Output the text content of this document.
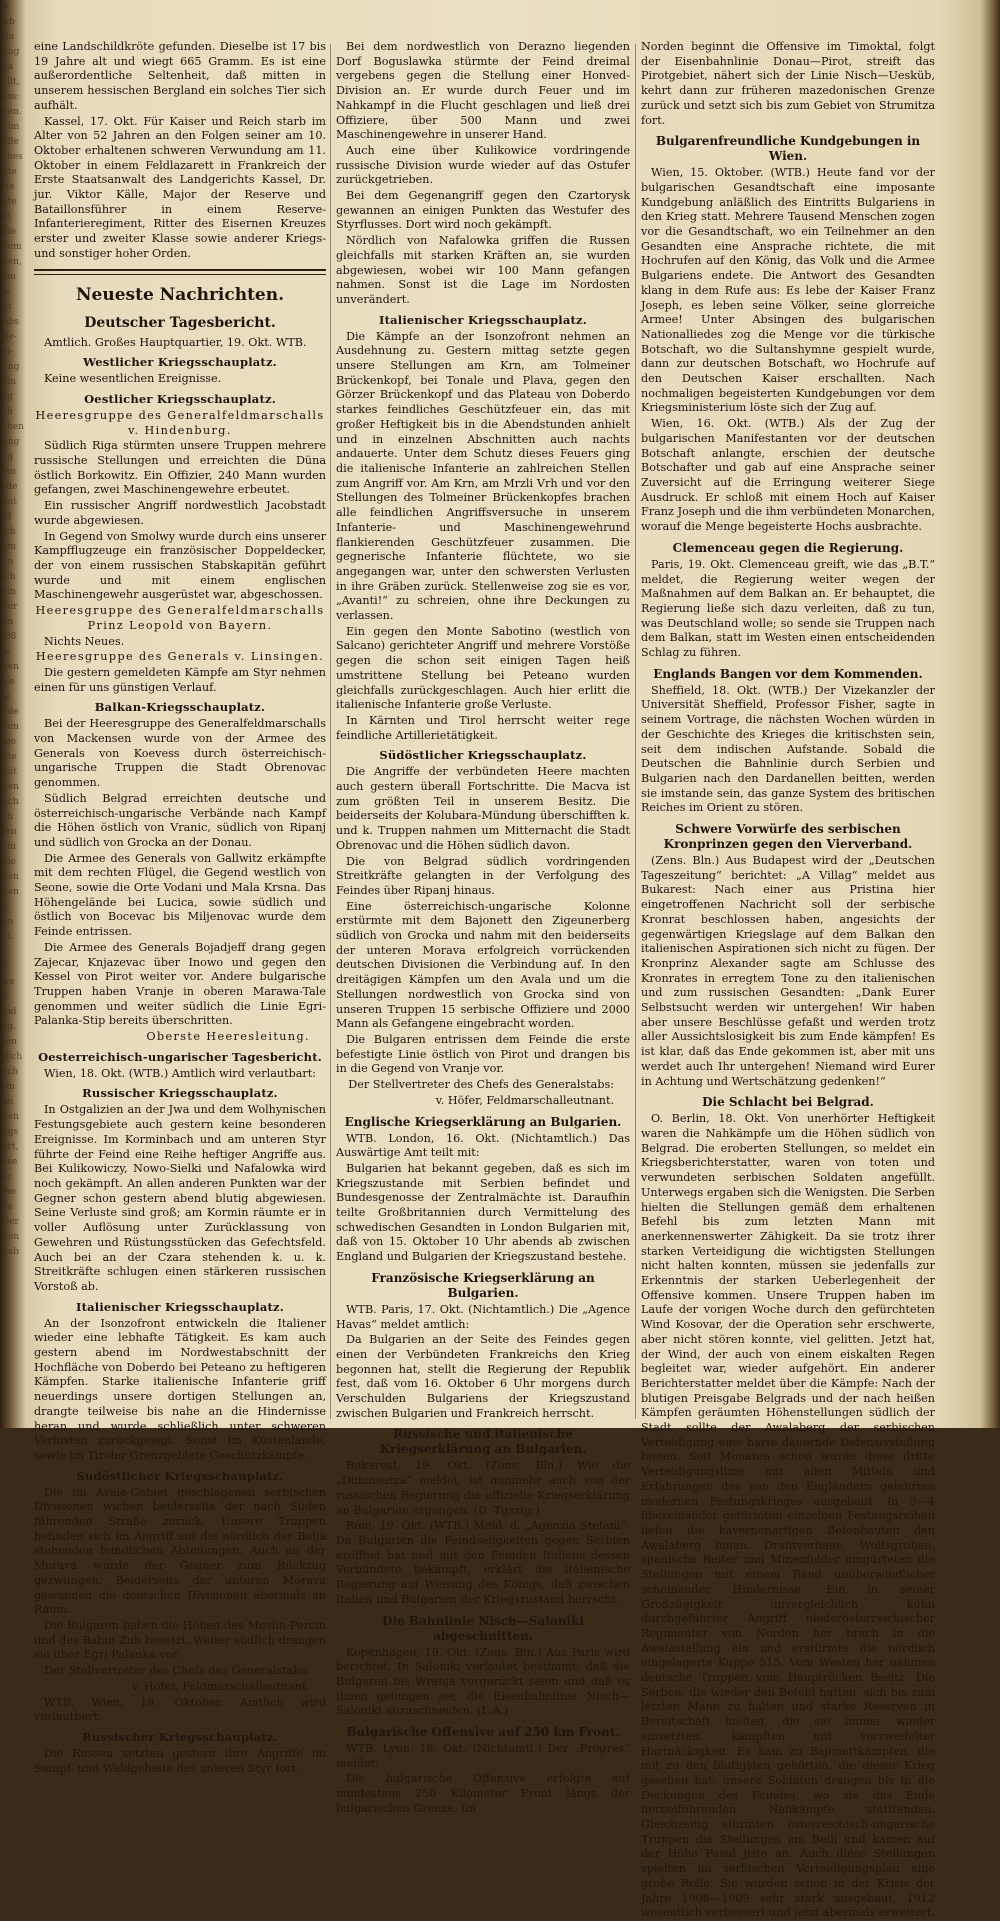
b.
irb
Bu
ung
3a
ellt,
ilm:
ben.
ulm
ülle
ches
8te
tte
nte
dt
die
dem
ben,
em
ie
ßt
Abs
Be-
ei-
ung
ein
eg
ch
chen
ung
eg
ien
rde
ont
uf
ich
km
en
ich
ein
der
on
i98
ie
ben
sie
ie
ilde
gen
ige
bte
mit
gen
uch
ch
ten
ein
bie
ben
ben
a,
an
3t.
1.
6.
ire
S
ind
vg.
ten
tlich
ach
rm
im
hen
ngs
ort,
ese
lic
ine
ge
Der
ßen
gab

eine Landschildkröte gefunden. Dieselbe ist 17 bis 19 Jahre alt und wiegt 665 Gramm. Es ist eine außerordentliche Seltenheit, daß mitten in unserem hessischen Bergland ein solches Tier sich aufhält.

Kassel, 17. Okt. Für Kaiser und Reich starb im Alter von 52 Jahren an den Folgen seiner am 10. Oktober erhaltenen schweren Verwundung am 11. Oktober in einem Feldlazarett in Frankreich der Erste Staatsanwalt des Landgerichts Kassel, Dr. jur. Viktor Källe, Major der Reserve und Bataillonsführer in einem Reserve-Infanterieregiment, Ritter des Eisernen Kreuzes erster und zweiter Klasse sowie anderer Kriegs- und sonstiger hoher Orden.

Neueste Nachrichten.
Deutscher Tagesbericht.

Amtlich. Großes Hauptquartier, 19. Okt. WTB.

Westlicher Kriegsschauplatz.

Keine wesentlichen Ereignisse.

Oestlicher Kriegsschauplatz.

Heeresgruppe des Generalfeldmarschalls v. Hindenburg.

Südlich Riga stürmten unsere Truppen mehrere russische Stellungen und erreichten die Düna östlich Borkowitz. Ein Offizier, 240 Mann wurden gefangen, zwei Maschinengewehre erbeutet.

Ein russischer Angriff nordwestlich Jacobstadt wurde abgewiesen.

In Gegend von Smolwy wurde durch eins unserer Kampfflugzeuge ein französischer Doppeldecker, der von einem russischen Stabskapitän geführt wurde und mit einem englischen Maschinengewehr ausgerüstet war, abgeschossen.

Heeresgruppe des Generalfeldmarschalls Prinz Leopold von Bayern.

Nichts Neues.

Heeresgruppe des Generals v. Linsingen.

Die gestern gemeldeten Kämpfe am Styr nehmen einen für uns günstigen Verlauf.

Balkan-Kriegsschauplatz.

Bei der Heeresgruppe des Generalfeldmarschalls von Mackensen wurde von der Armee des Generals von Koevess durch österreichisch-ungarische Truppen die Stadt Obrenovac genommen.

Südlich Belgrad erreichten deutsche und österreichisch-ungarische Verbände nach Kampf die Höhen östlich von Vranic, südlich von Ripanj und südlich von Grocka an der Donau.

Die Armee des Generals von Gallwitz erkämpfte mit dem rechten Flügel, die Gegend westlich von Seone, sowie die Orte Vodani und Mala Krsna. Das Höhengelände bei Lucica, sowie südlich und östlich von Bocevac bis Miljenovac wurde dem Feinde entrissen.

Die Armee des Generals Bojadjeff drang gegen Zajecar, Knjazevac über Inowo und gegen den Kessel von Pirot weiter vor. Andere bulgarische Truppen haben Vranje in oberen Marawa-Tale genommen und weiter südlich die Linie Egri-Palanka-Stip bereits überschritten.

Oberste Heeresleitung.

Oesterreichisch-ungarischer Tagesbericht.

Wien, 18. Okt. (WTB.) Amtlich wird verlautbart:

Russischer Kriegsschauplatz.

In Ostgalizien an der Jwa und dem Wolhynischen Festungsgebiete auch gestern keine besonderen Ereignisse. Im Korminbach und am unteren Styr führte der Feind eine Reihe heftiger Angriffe aus. Bei Kulikowiczy, Nowo-Sielki und Nafalowka wird noch gekämpft. An allen anderen Punkten war der Gegner schon gestern abend blutig abgewiesen. Seine Verluste sind groß; am Kormin räumte er in voller Auflösung unter Zurücklassung von Gewehren und Rüstungsstücken das Gefechtsfeld. Auch bei an der Czara stehenden k. u. k. Streitkräfte schlugen einen stärkeren russischen Vorstoß ab.

Italienischer Kriegsschauplatz.

An der Isonzofront entwickeln die Italiener wieder eine lebhafte Tätigkeit. Es kam auch gestern abend im Nordwestabschnitt der Hochfläche von Doberdo bei Peteano zu heftigeren Kämpfen. Starke italienische Infanterie griff neuerdings unsere dortigen Stellungen an, drangte teilweise bis nahe an die Hindernisse heran und wurde schließlich unter schweren Verlusten zurückgejagt. Sonst im Küstenlande, sowie im Tiroler Grenzgebiete Geschützkämpfe.

Südöstlicher Kriegsschauplatz.

Die im Avala-Gebiet geschlagenen serbischen Divisionen wichen beiderseits der nach Süden führenden Straße zurück. Unsere Truppen befinden sich im Angriff auf die nördlich der Balja stehenden feindlichen Abteilungen. Auch an der Morava wurde der Gegner zum Rückzug gezwungen. Beiderseits der unteren Morava gewannen die deutschen Divisionen abermals an Raum.

Die Bulgaren haben die Höhen des Muslin-Percin und des Babin Zub besetzt. Weiter südlich drangen sie über Egri Palanka vor.

Der Stellvertreter des Chefs des Generalstabs:

v. Höfer, Feldmarschalleutnant.

WTB. Wien, 19. Oktober. Amtlich wird verlautbart:

Russischer Kriegsschauplatz.

Die Russen setzten gestern ihre Angriffe im Sumpf- und Waldgebiete des unteren Styr fort.

Bei dem nordwestlich von Derazno liegenden Dorf Boguslawka stürmte der Feind dreimal vergebens gegen die Stellung einer Honved-Division an. Er wurde durch Feuer und im Nahkampf in die Flucht geschlagen und ließ drei Offiziere, über 500 Mann und zwei Maschinengewehre in unserer Hand.

Auch eine über Kulikowice vordringende russische Division wurde wieder auf das Ostufer zurückgetrieben.

Bei dem Gegenangriff gegen den Czartorysk gewannen an einigen Punkten das Westufer des Styrflusses. Dort wird noch gekämpft.

Nördlich von Nafalowka griffen die Russen gleichfalls mit starken Kräften an, sie wurden abgewiesen, wobei wir 100 Mann gefangen nahmen. Sonst ist die Lage im Nordosten unverändert.

Italienischer Kriegsschauplatz.

Die Kämpfe an der Isonzofront nehmen an Ausdehnung zu. Gestern mittag setzte gegen unsere Stellungen am Krn, am Tolmeiner Brückenkopf, bei Tonale und Plava, gegen den Görzer Brückenkopf und das Plateau von Doberdo starkes feindliches Geschützfeuer ein, das mit großer Heftigkeit bis in die Abendstunden anhielt und in einzelnen Abschnitten auch nachts andauerte. Unter dem Schutz dieses Feuers ging die italienische Infanterie an zahlreichen Stellen zum Angriff vor. Am Krn, am Mrzli Vrh und vor den Stellungen des Tolmeiner Brückenkopfes brachen alle feindlichen Angriffsversuche in unserem Infanterie- und Maschinengewehrund flankierenden Geschützfeuer zusammen. Die gegnerische Infanterie flüchtete, wo sie angegangen war, unter den schwersten Verlusten in ihre Gräben zurück. Stellenweise zog sie es vor, „Avanti!“ zu schreien, ohne ihre Deckungen zu verlassen.

Ein gegen den Monte Sabotino (westlich von Salcano) gerichteter Angriff und mehrere Vorstöße gegen die schon seit einigen Tagen heiß umstrittene Stellung bei Peteano wurden gleichfalls zurückgeschlagen. Auch hier erlitt die italienische Infanterie große Verluste.

In Kärnten und Tirol herrscht weiter rege feindliche Artillerietätigkeit.

Südöstlicher Kriegsschauplatz.

Die Angriffe der verbündeten Heere machten auch gestern überall Fortschritte. Die Macva ist zum größten Teil in unserem Besitz. Die beiderseits der Kolubara-Mündung überschifften k. und k. Truppen nahmen um Mitternacht die Stadt Obrenovac und die Höhen südlich davon.

Die von Belgrad südlich vordringenden Streitkräfte gelangten in der Verfolgung des Feindes über Ripanj hinaus.

Eine österreichisch-ungarische Kolonne erstürmte mit dem Bajonett den Zigeunerberg südlich von Grocka und nahm mit den beiderseits der unteren Morava erfolgreich vorrückenden deutschen Divisionen die Verbindung auf. In den dreitägigen Kämpfen um den Avala und um die Stellungen nordwestlich von Grocka sind von unseren Truppen 15 serbische Offiziere und 2000 Mann als Gefangene eingebracht worden.

Die Bulgaren entrissen dem Feinde die erste befestigte Linie östlich von Pirot und drangen bis in die Gegend von Vranje vor.

Der Stellvertreter des Chefs des Generalstabs:

v. Höfer, Feldmarschalleutnant.

Englische Kriegserklärung an Bulgarien.

WTB. London, 16. Okt. (Nichtamtlich.) Das Auswärtige Amt teilt mit:

Bulgarien hat bekannt gegeben, daß es sich im Kriegszustande mit Serbien befindet und Bundesgenosse der Zentralmächte ist. Daraufhin teilte Großbritannien durch Vermittelung des schwedischen Gesandten in London Bulgarien mit, daß von 15. Oktober 10 Uhr abends ab zwischen England und Bulgarien der Kriegszustand bestehe.

Französische Kriegserklärung an Bulgarien.

WTB. Paris, 17. Okt. (Nichtamtlich.) Die „Agence Havas“ meldet amtlich:

Da Bulgarien an der Seite des Feindes gegen einen der Verbündeten Frankreichs den Krieg begonnen hat, stellt die Regierung der Republik fest, daß vom 16. Oktober 6 Uhr morgens durch Verschulden Bulgariens der Kriegszustand zwischen Bulgarien und Frankreich herrscht.

Russische und italienische Kriegserklärung an Bulgarien.

Bukarest, 19. Okt. (Zens. Bln.) Wie die „Dimineatza“ meldet, ist nunmehr auch von der russischen Regierung die offizielle Kriegserklärung an Bulgarien ergangen. (D. Tgsztg.)

Rom, 19. Okt. (WTB.) Meld. d. „Agenzia Stefani“: Da Bulgarien die Feindseligkeiten gegen Serbien eröffnet hat und mit den Feinden Italiens dessen Verbündete bekämpft, erklärt die italienische Regierung auf Weisung des Königs, daß zwischen Italien und Bulgarien der Kriegszustand herrscht.

Die Bahnlinie Nisch—Saloniki abgeschnitten.

Kopenhagen, 19. Okt. (Zens. Bln.) Aus Paris wird berichtet: In Saloniki verlautet bestimmt, daß die Bulgaren bis Wranja vorgerückt seien und daß es ihnen gelungen sei, die Eisenbahnlinie Nisch—Saloniki abzuschneiden. (L.A.)

Bulgarische Offensive auf 250 km Front.

WTB. Lyon, 18. Okt. (Nichtamtl.) Der „Progrès“ meldet:

Die bulgarische Offensive erfolgte auf mindestens 250 Kilometer Front längs der bulgarischen Grenze. Im

Norden beginnt die Offensive im Timoktal, folgt der Eisenbahnlinie Donau—Pirot, streift das Pirotgebiet, nähert sich der Linie Nisch—Uesküb, kehrt dann zur früheren mazedonischen Grenze zurück und setzt sich bis zum Gebiet von Strumitza fort.

Bulgarenfreundliche Kundgebungen in Wien.

Wien, 15. Oktober. (WTB.) Heute fand vor der bulgarischen Gesandtschaft eine imposante Kundgebung anläßlich des Eintritts Bulgariens in den Krieg statt. Mehrere Tausend Menschen zogen vor die Gesandtschaft, wo ein Teilnehmer an den Gesandten eine Ansprache richtete, die mit Hochrufen auf den König, das Volk und die Armee Bulgariens endete. Die Antwort des Gesandten klang in dem Rufe aus: Es lebe der Kaiser Franz Joseph, es leben seine Völker, seine glorreiche Armee! Unter Absingen des bulgarischen Nationalliedes zog die Menge vor die türkische Botschaft, wo die Sultanshymne gespielt wurde, dann zur deutschen Botschaft, wo Hochrufe auf den Deutschen Kaiser erschallten. Nach nochmaligen begeisterten Kundgebungen vor dem Kriegsministerium löste sich der Zug auf.

Wien, 16. Okt. (WTB.) Als der Zug der bulgarischen Manifestanten vor der deutschen Botschaft anlangte, erschien der deutsche Botschafter und gab auf eine Ansprache seiner Zuversicht auf die Erringung weiterer Siege Ausdruck. Er schloß mit einem Hoch auf Kaiser Franz Joseph und die ihm verbündeten Monarchen, worauf die Menge begeisterte Hochs ausbrachte.

Clemenceau gegen die Regierung.

Paris, 19. Okt. Clemenceau greift, wie das „B.T.“ meldet, die Regierung weiter wegen der Maßnahmen auf dem Balkan an. Er behauptet, die Regierung ließe sich dazu verleiten, daß zu tun, was Deutschland wolle; so sende sie Truppen nach dem Balkan, statt im Westen einen entscheidenden Schlag zu führen.

Englands Bangen vor dem Kommenden.

Sheffield, 18. Okt. (WTB.) Der Vizekanzler der Universität Sheffield, Professor Fisher, sagte in seinem Vortrage, die nächsten Wochen würden in der Geschichte des Krieges die kritischsten sein, seit dem indischen Aufstande. Sobald die Deutschen die Bahnlinie durch Serbien und Bulgarien nach den Dardanellen beitten, werden sie imstande sein, das ganze System des britischen Reiches im Orient zu stören.

Schwere Vorwürfe des serbischen Kronprinzen gegen den Vierverband.

(Zens. Bln.) Aus Budapest wird der „Deutschen Tageszeitung“ berichtet: „A Villag“ meldet aus Bukarest: Nach einer aus Pristina hier eingetroffenen Nachricht soll der serbische Kronrat beschlossen haben, angesichts der gegenwärtigen Kriegslage auf dem Balkan den italienischen Aspirationen sich nicht zu fügen. Der Kronprinz Alexander sagte am Schlusse des Kronrates in erregtem Tone zu den italienischen und zum russischen Gesandten: „Dank Eurer Selbstsucht werden wir untergehen! Wir haben aber unsere Beschlüsse gefaßt und werden trotz aller Aussichtslosigkeit bis zum Ende kämpfen! Es ist klar, daß das Ende gekommen ist, aber mit uns werdet auch Ihr untergehen! Niemand wird Eurer in Achtung und Wertschätzung gedenken!“

Die Schlacht bei Belgrad.

O. Berlin, 18. Okt. Von unerhörter Heftigkeit waren die Nahkämpfe um die Höhen südlich von Belgrad. Die eroberten Stellungen, so meldet ein Kriegsberichterstatter, waren von toten und verwundeten serbischen Soldaten angefüllt. Unterwegs ergaben sich die Wenigsten. Die Serben hielten die Stellungen gemäß dem erhaltenen Befehl bis zum letzten Mann mit anerkennenswerter Zähigkeit. Da sie trotz ihrer starken Verteidigung die wichtigsten Stellungen nicht halten konnten, müssen sie jedenfalls zur Erkenntnis der starken Ueberlegenheit der Offensive kommen. Unsere Truppen haben im Laufe der vorigen Woche durch den gefürchteten Wind Kosovar, der die Operation sehr erschwerte, aber nicht stören konnte, viel gelitten. Jetzt hat, der Wind, der auch von einem eiskalten Regen begleitet war, wieder aufgehört. Ein anderer Berichterstatter meldet über die Kämpfe: Nach der blutigen Preisgabe Belgrads und der nach heißen Kämpfen geräumten Höhenstellungen südlich der Stadt sollte der Awalaberg der serbischen Verteidigung eine harte dauernde Defensivstellung bieten. Seit Monaten schon wurde diese dritte Verteidigungslinie mit allen Mitteln und Erfahrungen des von den Engländern gelehrten modernen Festungskrieges ausgebaut. In 3—4 übereinander getürmten einzelnen Festungsreihen liefen die kavernenartigen Betonbauten den Awalaberg hinan. Drahtverhaue, Wolfsgruben, spanische Reiter und Minenfelder umgürteten die Stellungen mit einem Band unüberwindlicher scheinender Hindernisse. Ein in seiner Großzügigkeit unvergleichlich kühn durchgeführter Angriff niederösterreichischer Regimenter von Norden her brach in die Awalastellung ein und erstürmte die nördlich eingelagerte Kuppe 515. Vom Westen her nahmen deutsche Truppen vom Hauptrücken Besitz. Die Serben, die wieder den Befehl hatten, sich bis zum letzten Mann zu halten und starke Reserven in Bereitschaft hielten, die sie immer wieder einsetzten, kämpften mit verzweifelter Hartnäckigkeit. Es kam zu Bajonettkämpfen, die mit zu den blutigsten gehörten, die dieser Krieg gesehen hat, unsere Soldaten drangen bis in die Deckungen des Feindes, wo sie das Ende herbeiführenden Nahkämpfe stattfanden. Gleichzeitig stürmten österreichisch-ungarische Truppen die Stellungen am Belli und kamen auf der Höhe Pasul jiste an. Auch diese Stellungen spielten im serbischen Verteidigungsplan eine große Rolle. Sie wurden schon in der Krisis der Jahre 1908—1909 sehr stark ausgebaut, 1912 wesentlich verbessert und jetzt abermals erweitert.
